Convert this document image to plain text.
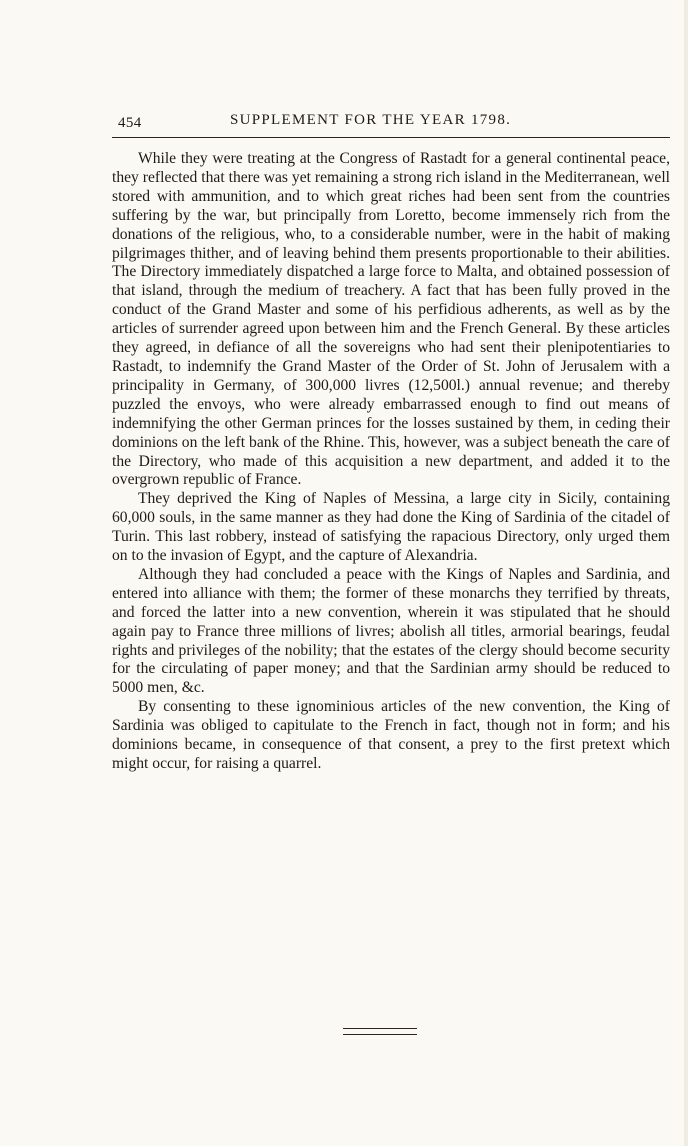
454	SUPPLEMENT FOR THE YEAR 1798.

While they were treating at the Congress of Rastadt for a general continental peace, they reflected that there was yet remaining a strong rich island in the Mediterranean, well stored with ammunition, and to which great riches had been sent from the countries suffering by the war, but principally from Loretto, become immensely rich from the donations of the religious, who, to a considerable number, were in the habit of making pilgrimages thither, and of leaving behind them presents proportionable to their abilities. The Directory immediately dispatched a large force to Malta, and obtained possession of that island, through the medium of treachery. A fact that has been fully proved in the conduct of the Grand Master and some of his perfidious adherents, as well as by the articles of surrender agreed upon between him and the French General. By these articles they agreed, in defiance of all the sovereigns who had sent their plenipotentiaries to Rastadt, to indemnify the Grand Master of the Order of St. John of Jerusalem with a principality in Germany, of 300,000 livres (12,500l.) annual revenue; and thereby puzzled the envoys, who were already embarrassed enough to find out means of indemnifying the other German princes for the losses sustained by them, in ceding their dominions on the left bank of the Rhine. This, however, was a subject beneath the care of the Directory, who made of this acquisition a new department, and added it to the overgrown republic of France.

They deprived the King of Naples of Messina, a large city in Sicily, containing 60,000 souls, in the same manner as they had done the King of Sardinia of the citadel of Turin. This last robbery, instead of satisfying the rapacious Directory, only urged them on to the invasion of Egypt, and the capture of Alexandria.

Although they had concluded a peace with the Kings of Naples and Sardinia, and entered into alliance with them; the former of these monarchs they terrified by threats, and forced the latter into a new convention, wherein it was stipulated that he should again pay to France three millions of livres; abolish all titles, armorial bearings, feudal rights and privileges of the nobility; that the estates of the clergy should become security for the circulating of paper money; and that the Sardinian army should be reduced to 5000 men, &c.

By consenting to these ignominious articles of the new convention, the King of Sardinia was obliged to capitulate to the French in fact, though not in form; and his dominions became, in consequence of that consent, a prey to the first pretext which might occur, for raising a quarrel.
